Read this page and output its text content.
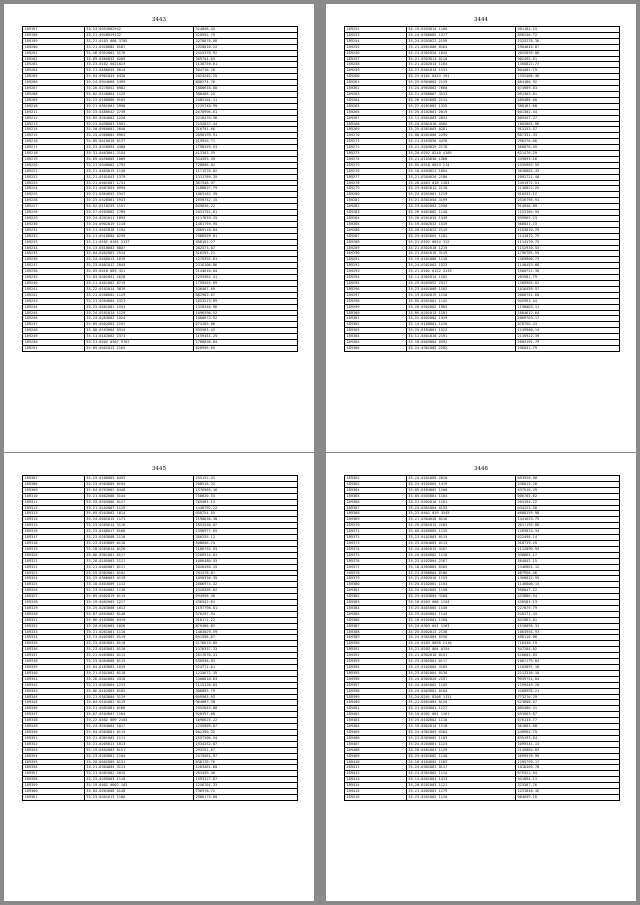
3443
189197	35.24.0953002942	324858.45
189198	35.21.0948029132	520592.75
189199	35.21.0103 008 3705	2276878.68
189200	35.21.0320082 0187	1928010.22
189201	35.56.0952002 3176	2425376.92
189202	35.69.0466852 0289	369754.65
189203	35.23.0102 0021823	1138759.61
189204	35.21.0480055 5014	504716.20
189205	35.04.0901043 0420	1024245.25
189206	35.24.0944060 2499	886274.76
189207	35.28.0270052 0982	1886618.88
189208	35.02.0140064 1125	388406.25
189209	35.23.0100080 9103	2485101.11
189210	35.21.0301001 2990	1725748.99
189211	35.23.0480042 2749	2678996.61
189212	35.65.0204001 1226	2216476.56
189213	35.23.0490001 1561	2252837.44
189214	35.50.0960001 2048	316791.66
189215	35.23.0360002 8963	2090199.91
189216	35.05.0410010 0137	415920.71
189217	35.23.0320094 4308	1798359.53
189218	35.31.0403001 2154	413303.35
189219	35.69.0450005 1009	544359.39
189220	35.21.0940002 1793	728096.82
189221	35.21.0403015 1150	1171570.02
189222	35.21.0101043 1379	1311789.35
189223	35.21.0401007 1741	367348.97
189224	35.21.0407053 0994	1188637.79
189225	35.21.0304052 2347	1063162.39
189226	35.23.0320001 1943	1959752.15
189227	35.52.0110255 1151	849036.22
189228	35.27.0203002 1789	1031751.61
189229	35.24.0201011 1093	1117659.15
189230	35.24.0902019 1110	1481759.95
189231	35.11.0402018 1194	2089118.04
189232	35.11.0510004 0259	1966559.81
189233	35.11.0102 0181 2137	308191.27
189234	35.23.0510003 0807	282373.07
189235	35.04.0402003 2514	316295.21
189236	35.24.0406013 1619	1279392.01
189237	35.23.0401012 2845	2316106.86
189238	35.03.0410 003 451	1144610.84
189239	35.03.0402041 1628	1253362.41
189240	35.11.0401002 0715	1759455.69
189241	35.22.0102014 3019	536467.09
189242	35.21.0208002 1129	882983.67
189243	35.21.0204004 2323	1053213.69
189244	35.23.0401001 1554	1328346.96
189245	35.24.0101014 1129	1096596.52
189246	35.24.0203002 1924	1008672.52
189247	35.05.0402003 1197	674169.80
189248	35.08.0103004 0314	935303.42
189249	35.11.0102002 2371	1159451.25
189250	35.21.0202 0307 9707	1786636.84
189251	35.05.0401013 1162	626956.65
3444
189252	35.19.0203014 1160	401182.15
189253	35.24.0300005 1377	896248.72
189254	35.24.0203022 2159	2325278.36
189255	35.21.0401006 0164	1964845.87
189256	35.21.0302020 1842	2052895.06
189257	35.21.0303014 0210	902495.61
189258	35.21.0202014 1164	1368822.77
189259	35.21.0401014 1131	804482.19
189260	35.23.0101 0424 191	1352486.46
189261	35.25.0304002 2119	604186.92
189262	35.24.0903002 7860	874909.03
189263	35.21.0300007 3213	891363.01
189264	35.26.0201005 2114	489488.00
189265	35.27.0201002 1325	386181.68
189266	35.25.0102001 2019	601302.44
189267	35.11.0501003 2031	809457.27
189268	35.24.0301010 4505	1603061.96
189269	35.25.0301003 0281	913153.57
189270	35.06.0201006 2295	687331.33
189271	35.21.0103036 4478	796370.66
189272	35.21.0203019 2178	566876.45
189273	35.20.0202 0210 4189	621476.29
189274	35.21.0103030 1368	439093.16
189275	35.05.0310 0013 214	1535963.55
189276	35.18.0403021 1054	2036882.43
189277	35.21.0204026 2180	2092721.40
189278	35.20.0403 018 1163	1491972.51
189279	35.23.0401012 2110	2136822.25
189280	35.24.0201001 1219	910332.12
189281	35.21.0301050 3199	2316795.91
189282	35.23.0402003 2290	914946.09
189283	35.26.0401002 1140	1153184.95
189284	35.20.0201015 1349	939965.23
189285	35.19.0402032 1519	566831.23
189286	35.20.0102022 2119	1103810.29
189287	35.23.0201004 1101	1141072.75
189288	35.21.0102 0014 312	1114170.75
189289	35.21.0302018 1219	1152910.53
189290	35.21.0401016 3119	1796785.59
189291	35.19.0101008 1110	1409800.73
189292	35.24.0201003 1523	1146453.86
189293	35.21.0102 0122 3119	1500721.30
189294	35.11.0302014 1162	283581.79
189295	35.23.0203052 2317	1309965.02
189296	35.23.0401008 1162	1016459.57
189297	35.19.0202019 1110	2066751.60
189298	35.05.0201001 1142	942953.44
189299	35.20.0302002 1903	1190003.11
189300	35.05.0201013 1181	1084612.64
189301	35.22.0402004 1329	2009763.17
189302	35.14.0100001 1120	878750.43
189303	35.25.0104001 1522	1249980.14
189304	35.11.0401016 2191	2135922.39
189305	35.18.0403004 0392	1003191.79
189306	35.24.0301003 2282	296031.79
3445
189307	35.19.0106003 0455	435152.41
189308	35.23.0304005 0194	708516.32
189309	35.04.0703002 0448	1376985.16
189310	35.21.0402008 3144	750620.53
189311	35.25.0203006 0127	769581.13
189312	35.21.0102007 1129	1448792.22
189313	35.05.0203002 1014	958754.55
189314	35.24.0501015 1171	1198836.30
189315	35.23.0205014 3116	1852550.07
189316	35.23.0106017 0168	1396977.65
189317	35.23.0203008 2116	356255.12
189318	35.23.0103009 0118	408046.74
189319	35.28.0203014 0126	1186792.93
189320	35.06.0301001 0117	2266914.81
189321	35.28.0105003 2117	1006480.43
189322	35.21.0402007 0117	1026456.15
189323	35.25.0302001 0102	781578.67
189324	35.23.0306003 0119	1058356.35
189325	35.18.0403009 1112	1086974.32
189326	35.23.0202002 1136	1520305.62
189327	35.05.0402019 0115	694958.48
189328	35.19.0402003 1217	436342.61
189329	35.25.0203008 1013	1197796.81
189330	35.07.0503002 0148	376297.94
189331	35.06.0103006 0419	318171.22
189332	35.20.0102003 1026	879486.82
189333	35.21.0201001 1116	1463029.59
189334	35.13.0402002 0119	691598.87
189335	35.23.0303001 0110	2176615.85
189336	35.23.0203001 0110	1376337.33
189337	35.21.0403004 0113	1017676.31
189338	35.23.0404006 0119	636938.83
189339	35.04.0103003 1019	224771.61
189340	35.21.0301002 0110	1225672.35
189341	35.26.0402004 4310	1408818.63
189342	35.21.0303004 1213	1125128.03
189343	35.06.0102003 0102	306803.79
189344	35.21.0303004 3119	699563.93
189345	35.04.0101001 0119	964887.38
189346	35.21.0401001 0106	1952645.08
189347	35.07.0104001 1164	920397.08
189348	35.22.0402 009 2103	1096625.22
189349	35.24.0204004 1017	1255969.07
189350	35.04.0304001 0115	602190.32
189351	35.21.0301002 1111	2557206.54
189352	35.21.0205011 1013	1934332.87
189353	35.19.0402003 0151	293251.67
189354	35.13.0203001 1104	2475561.97
189355	35.20.0402005 0131	838176.76
189356	35.21.0304004 3113	1263461.60
189357	35.21.0401002 2015	263439.46
189358	35.23.0205003 1110	1593127.87
189359	35.19.0402 0002 103	1256701.33
189360	35.04.0203008 0148	736978.72
189361	35.23.0401013 1180	2986179.60
3446
189362	35.24.0101005 2010	693926.90
189363	35.24.0102004 1419	336813.26
189364	35.05.0104002 1100	437510.29
189365	35.05.0403001 1164	606785.62
189366	35.21.0302016 1161	263194.22
189367	35.23.0301004 0153	634223.58
189368	35.23.0402 019 4545	6680159.98
189369	35.21.0304020 0116	1441623.75
189370	35.25.0301015 2103	2017193.88
189371	35.03.0205005 1135	1265874.34
189372	35.13.0101003 0115	622498.14
189373	35.23.0304005 0113	318719.29
189374	35.24.0402019 4167	1112899.53
189375	35.24.0204002 1110	938665.17
189376	35.23.0102004 2167	584842.15
189377	35.18.0303004 0183	1346861.12
189378	35.21.0308004 6106	687956.56
189379	35.21.0402016 1153	1368822.95
189380	35.25.0102001 1154	1146808.15
189381	35.24.0402005 1150	396847.22
189382	35.23.0203004 3160	433880.54
189383	35.18.0203 006 1154	436581.13
189384	35.23.0401005 1158	227079.79
189385	35.23.0203001 1143	620171.43
189386	35.18.0102001 1160	841963.01
189387	35.24.0303 041 1163	1518095.31
189388	35.25.0402013 2138	1063955.93
189389	35.24.0301004 0156	496110.08
189390	35.24.0103 0058 2110	716436.19
189391	35.21.0203 004 0154	547204.02
189392	35.21.0302016 0151	420683.03
189393	35.23.0302001 0117	1087179.84
189394	35.23.0102004 4103	1162097.18
189395	35.23.0301004 0136	2213336.10
189396	35.24.0302020 2197	9939751.04
189397	35.24.0401002 1145	1299449.20
189398	35.24.0403001 0104	2208595.21
189399	35.24.0201 0208 1121	773276.29
189400	35.21.0401004 0120	623608.57
189401	35.21.0204001 1127	805406.41
189402	35.19.0201 001 1161	693563.87
189403	35.23.0102002 1118	676135.77
189404	35.19.0402014 1110	361803.68
189405	35.24.0301003 0104	448964.75
189406	35.21.0303002 1103	835193.64
189407	35.24.0204001 1124	1099341.13
189408	35.20.0401001 1129	1145884.83
189409	35.23.0201002 1140	2699578.99
189410	35.18.0104002 1163	2295759.17
189411	35.24.0301001 0117	1016465.78
189412	35.21.0301002 1114	879522.94
189413	35.11.0401001 1413	941894.11
189414	35.20.0201003 1121	323587.76
189415	35.21.0402003 1179	1231848.36
189416	35.23.0201002 1120	984839.18
